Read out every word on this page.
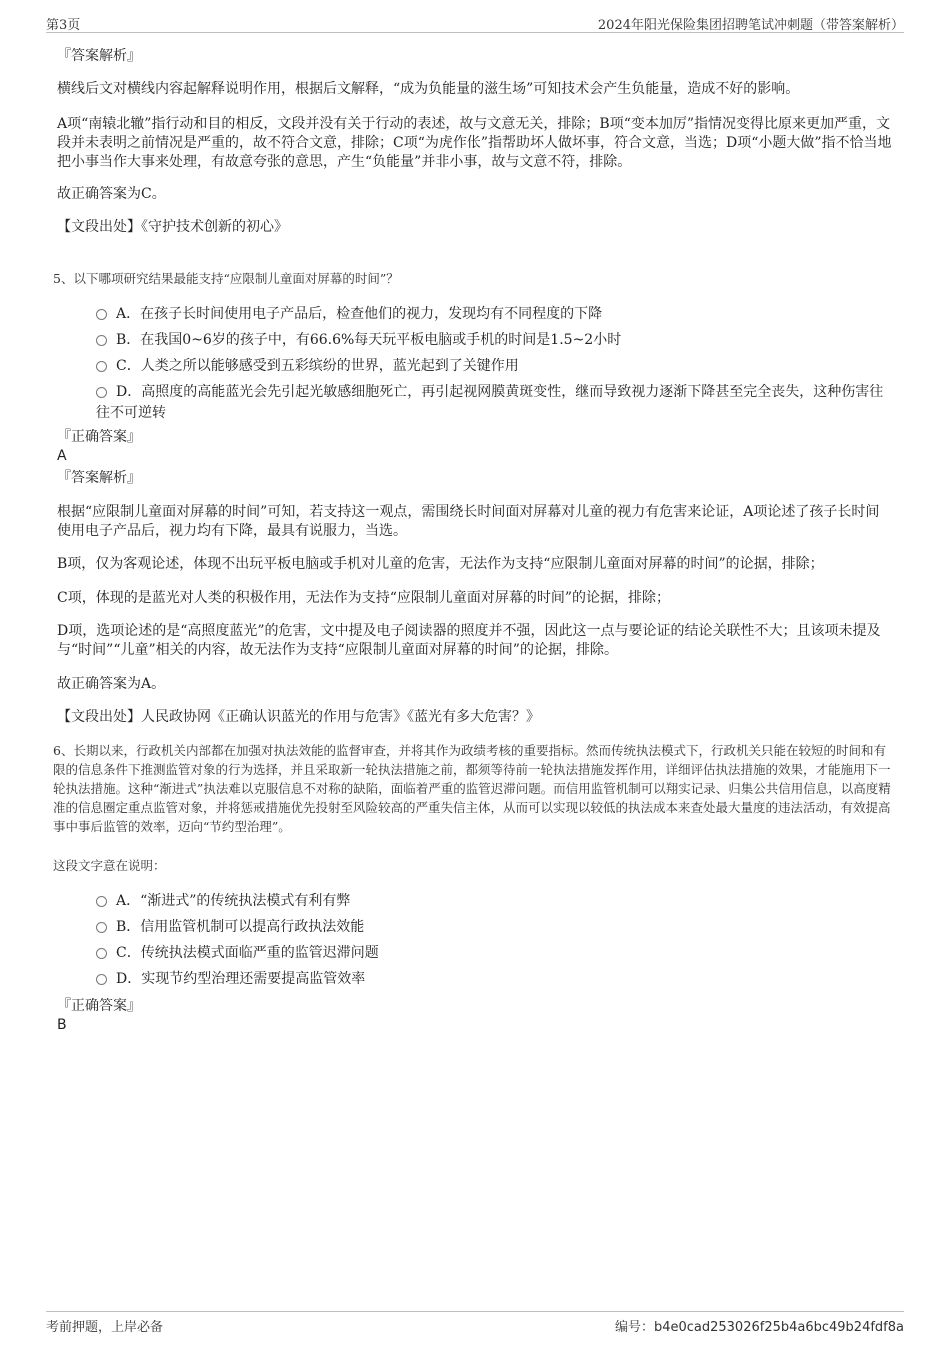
第3页	2024年阳光保险集团招聘笔试冲刺题（带答案解析）
『答案解析』
横线后文对横线内容起解释说明作用，根据后文解释，“成为负能量的滋生场”可知技术会产生负能量，造成不好的影响。
A项“南辕北辙”指行动和目的相反，文段并没有关于行动的表述，故与文意无关，排除；B项“变本加厉”指情况变得比原来更加严重，文段并未表明之前情况是严重的，故不符合文意，排除；C项“为虎作伥”指帮助坏人做坏事，符合文意，当选；D项“小题大做”指不恰当地把小事当作大事来处理，有故意夸张的意思，产生“负能量”并非小事，故与文意不符，排除。
故正确答案为C。
【文段出处】《守护技术创新的初心》
5、以下哪项研究结果最能支持“应限制儿童面对屏幕的时间”？
A．在孩子长时间使用电子产品后，检查他们的视力，发现均有不同程度的下降
B．在我国0~6岁的孩子中，有66.6%每天玩平板电脑或手机的时间是1.5~2小时
C．人类之所以能够感受到五彩缤纷的世界，蓝光起到了关键作用
D．高照度的高能蓝光会先引起光敏感细胞死亡，再引起视网膜黄斑变性，继而导致视力逐渐下降甚至完全丧失，这种伤害往往不可逆转
『正确答案』
A
『答案解析』
根据“应限制儿童面对屏幕的时间”可知，若支持这一观点，需围绕长时间面对屏幕对儿童的视力有危害来论证，A项论述了孩子长时间使用电子产品后，视力均有下降，最具有说服力，当选。
B项，仅为客观论述，体现不出玩平板电脑或手机对儿童的危害，无法作为支持“应限制儿童面对屏幕的时间”的论据，排除；
C项，体现的是蓝光对人类的积极作用，无法作为支持“应限制儿童面对屏幕的时间”的论据，排除；
D项，选项论述的是“高照度蓝光”的危害，文中提及电子阅读器的照度并不强，因此这一点与要论证的结论关联性不大；且该项未提及与“时间”“儿童”相关的内容，故无法作为支持“应限制儿童面对屏幕的时间”的论据，排除。
故正确答案为A。
【文段出处】人民政协网《正确认识蓝光的作用与危害》《蓝光有多大危害？》
6、长期以来，行政机关内部都在加强对执法效能的监督审查，并将其作为政绩考核的重要指标。然而传统执法模式下，行政机关只能在较短的时间和有限的信息条件下推测监管对象的行为选择，并且采取新一轮执法措施之前，都须等待前一轮执法措施发挥作用，详细评估执法措施的效果，才能施用下一轮执法措施。这种“渐进式”执法难以克服信息不对称的缺陷，面临着严重的监管迟滞问题。而信用监管机制可以翔实记录、归集公共信用信息，以高度精准的信息圈定重点监管对象，并将惩戒措施优先投射至风险较高的严重失信主体，从而可以实现以较低的执法成本来查处最大量度的违法活动，有效提高事中事后监管的效率，迈向“节约型治理”。
这段文字意在说明：
A．“渐进式”的传统执法模式有利有弊
B．信用监管机制可以提高行政执法效能
C．传统执法模式面临严重的监管迟滞问题
D．实现节约型治理还需要提高监管效率
『正确答案』
B
考前押题，上岸必备	编号：b4e0cad253026f25b4a6bc49b24fdf8a
